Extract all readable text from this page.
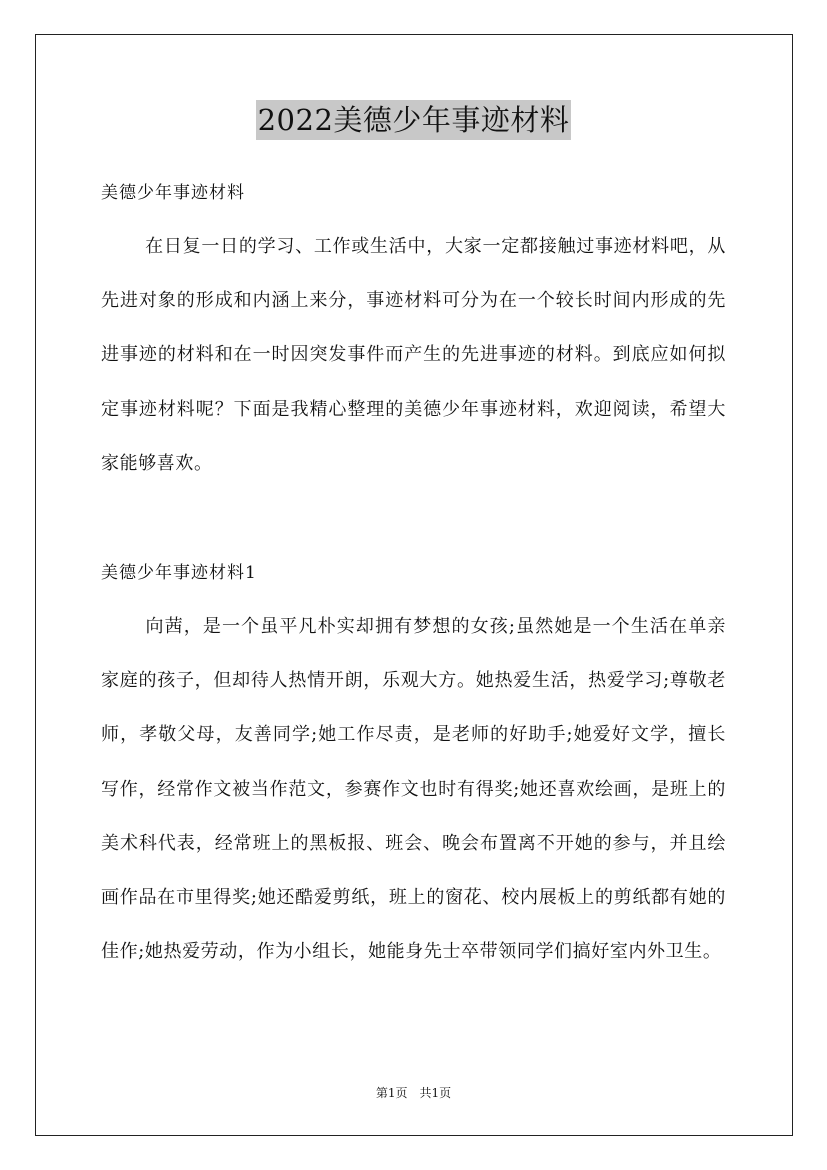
2022美德少年事迹材料
美德少年事迹材料

在日复一日的学习、工作或生活中，大家一定都接触过事迹材料吧，从先进对象的形成和内涵上来分，事迹材料可分为在一个较长时间内形成的先进事迹的材料和在一时因突发事件而产生的先进事迹的材料。到底应如何拟定事迹材料呢？下面是我精心整理的美德少年事迹材料，欢迎阅读，希望大家能够喜欢。

美德少年事迹材料1

向茜，是一个虽平凡朴实却拥有梦想的女孩;虽然她是一个生活在单亲家庭的孩子，但却待人热情开朗，乐观大方。她热爱生活，热爱学习;尊敬老师，孝敬父母，友善同学;她工作尽责，是老师的好助手;她爱好文学，擅长写作，经常作文被当作范文，参赛作文也时有得奖;她还喜欢绘画，是班上的美术科代表，经常班上的黑板报、班会、晚会布置离不开她的参与，并且绘画作品在市里得奖;她还酷爱剪纸，班上的窗花、校内展板上的剪纸都有她的佳作;她热爱劳动，作为小组长，她能身先士卒带领同学们搞好室内外卫生。

第1页　共1页
